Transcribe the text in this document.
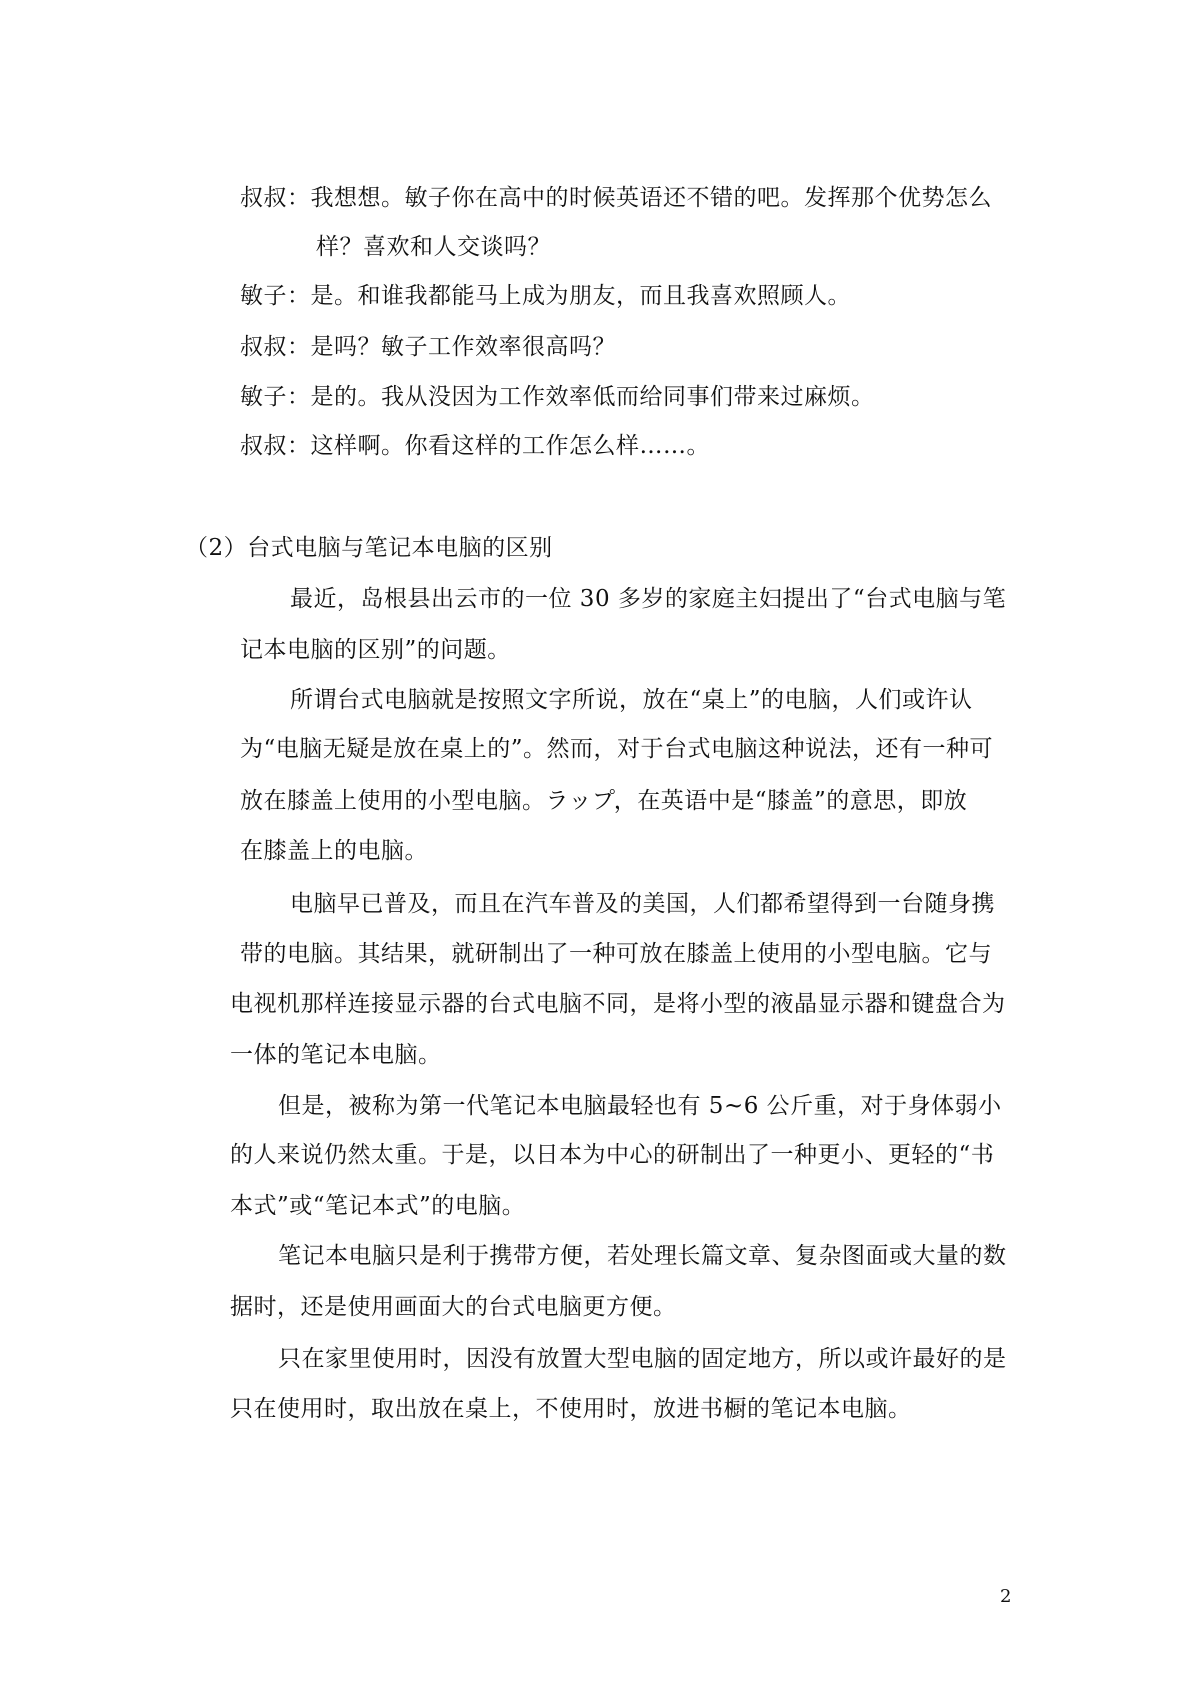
叔叔：我想想。敏子你在高中的时候英语还不错的吧。发挥那个优势怎么
样？喜欢和人交谈吗？
敏子：是。和谁我都能马上成为朋友，而且我喜欢照顾人。
叔叔：是吗？敏子工作效率很高吗？
敏子：是的。我从没因为工作效率低而给同事们带来过麻烦。
叔叔：这样啊。你看这样的工作怎么样……。
（2）台式电脑与笔记本电脑的区别
最近，岛根县出云市的一位 30 多岁的家庭主妇提出了“台式电脑与笔
记本电脑的区别”的问题。
所谓台式电脑就是按照文字所说，放在“桌上”的电脑，人们或许认
为“电脑无疑是放在桌上的”。然而，对于台式电脑这种说法，还有一种可
放在膝盖上使用的小型电脑。ラップ，在英语中是“膝盖”的意思，即放
在膝盖上的电脑。
电脑早已普及，而且在汽车普及的美国，人们都希望得到一台随身携
带的电脑。其结果，就研制出了一种可放在膝盖上使用的小型电脑。它与
电视机那样连接显示器的台式电脑不同，是将小型的液晶显示器和键盘合为
一体的笔记本电脑。
但是，被称为第一代笔记本电脑最轻也有 5~6 公斤重，对于身体弱小
的人来说仍然太重。于是，以日本为中心的研制出了一种更小、更轻的“书
本式”或“笔记本式”的电脑。
笔记本电脑只是利于携带方便，若处理长篇文章、复杂图面或大量的数
据时，还是使用画面大的台式电脑更方便。
只在家里使用时，因没有放置大型电脑的固定地方，所以或许最好的是
只在使用时，取出放在桌上，不使用时，放进书橱的笔记本电脑。
2
